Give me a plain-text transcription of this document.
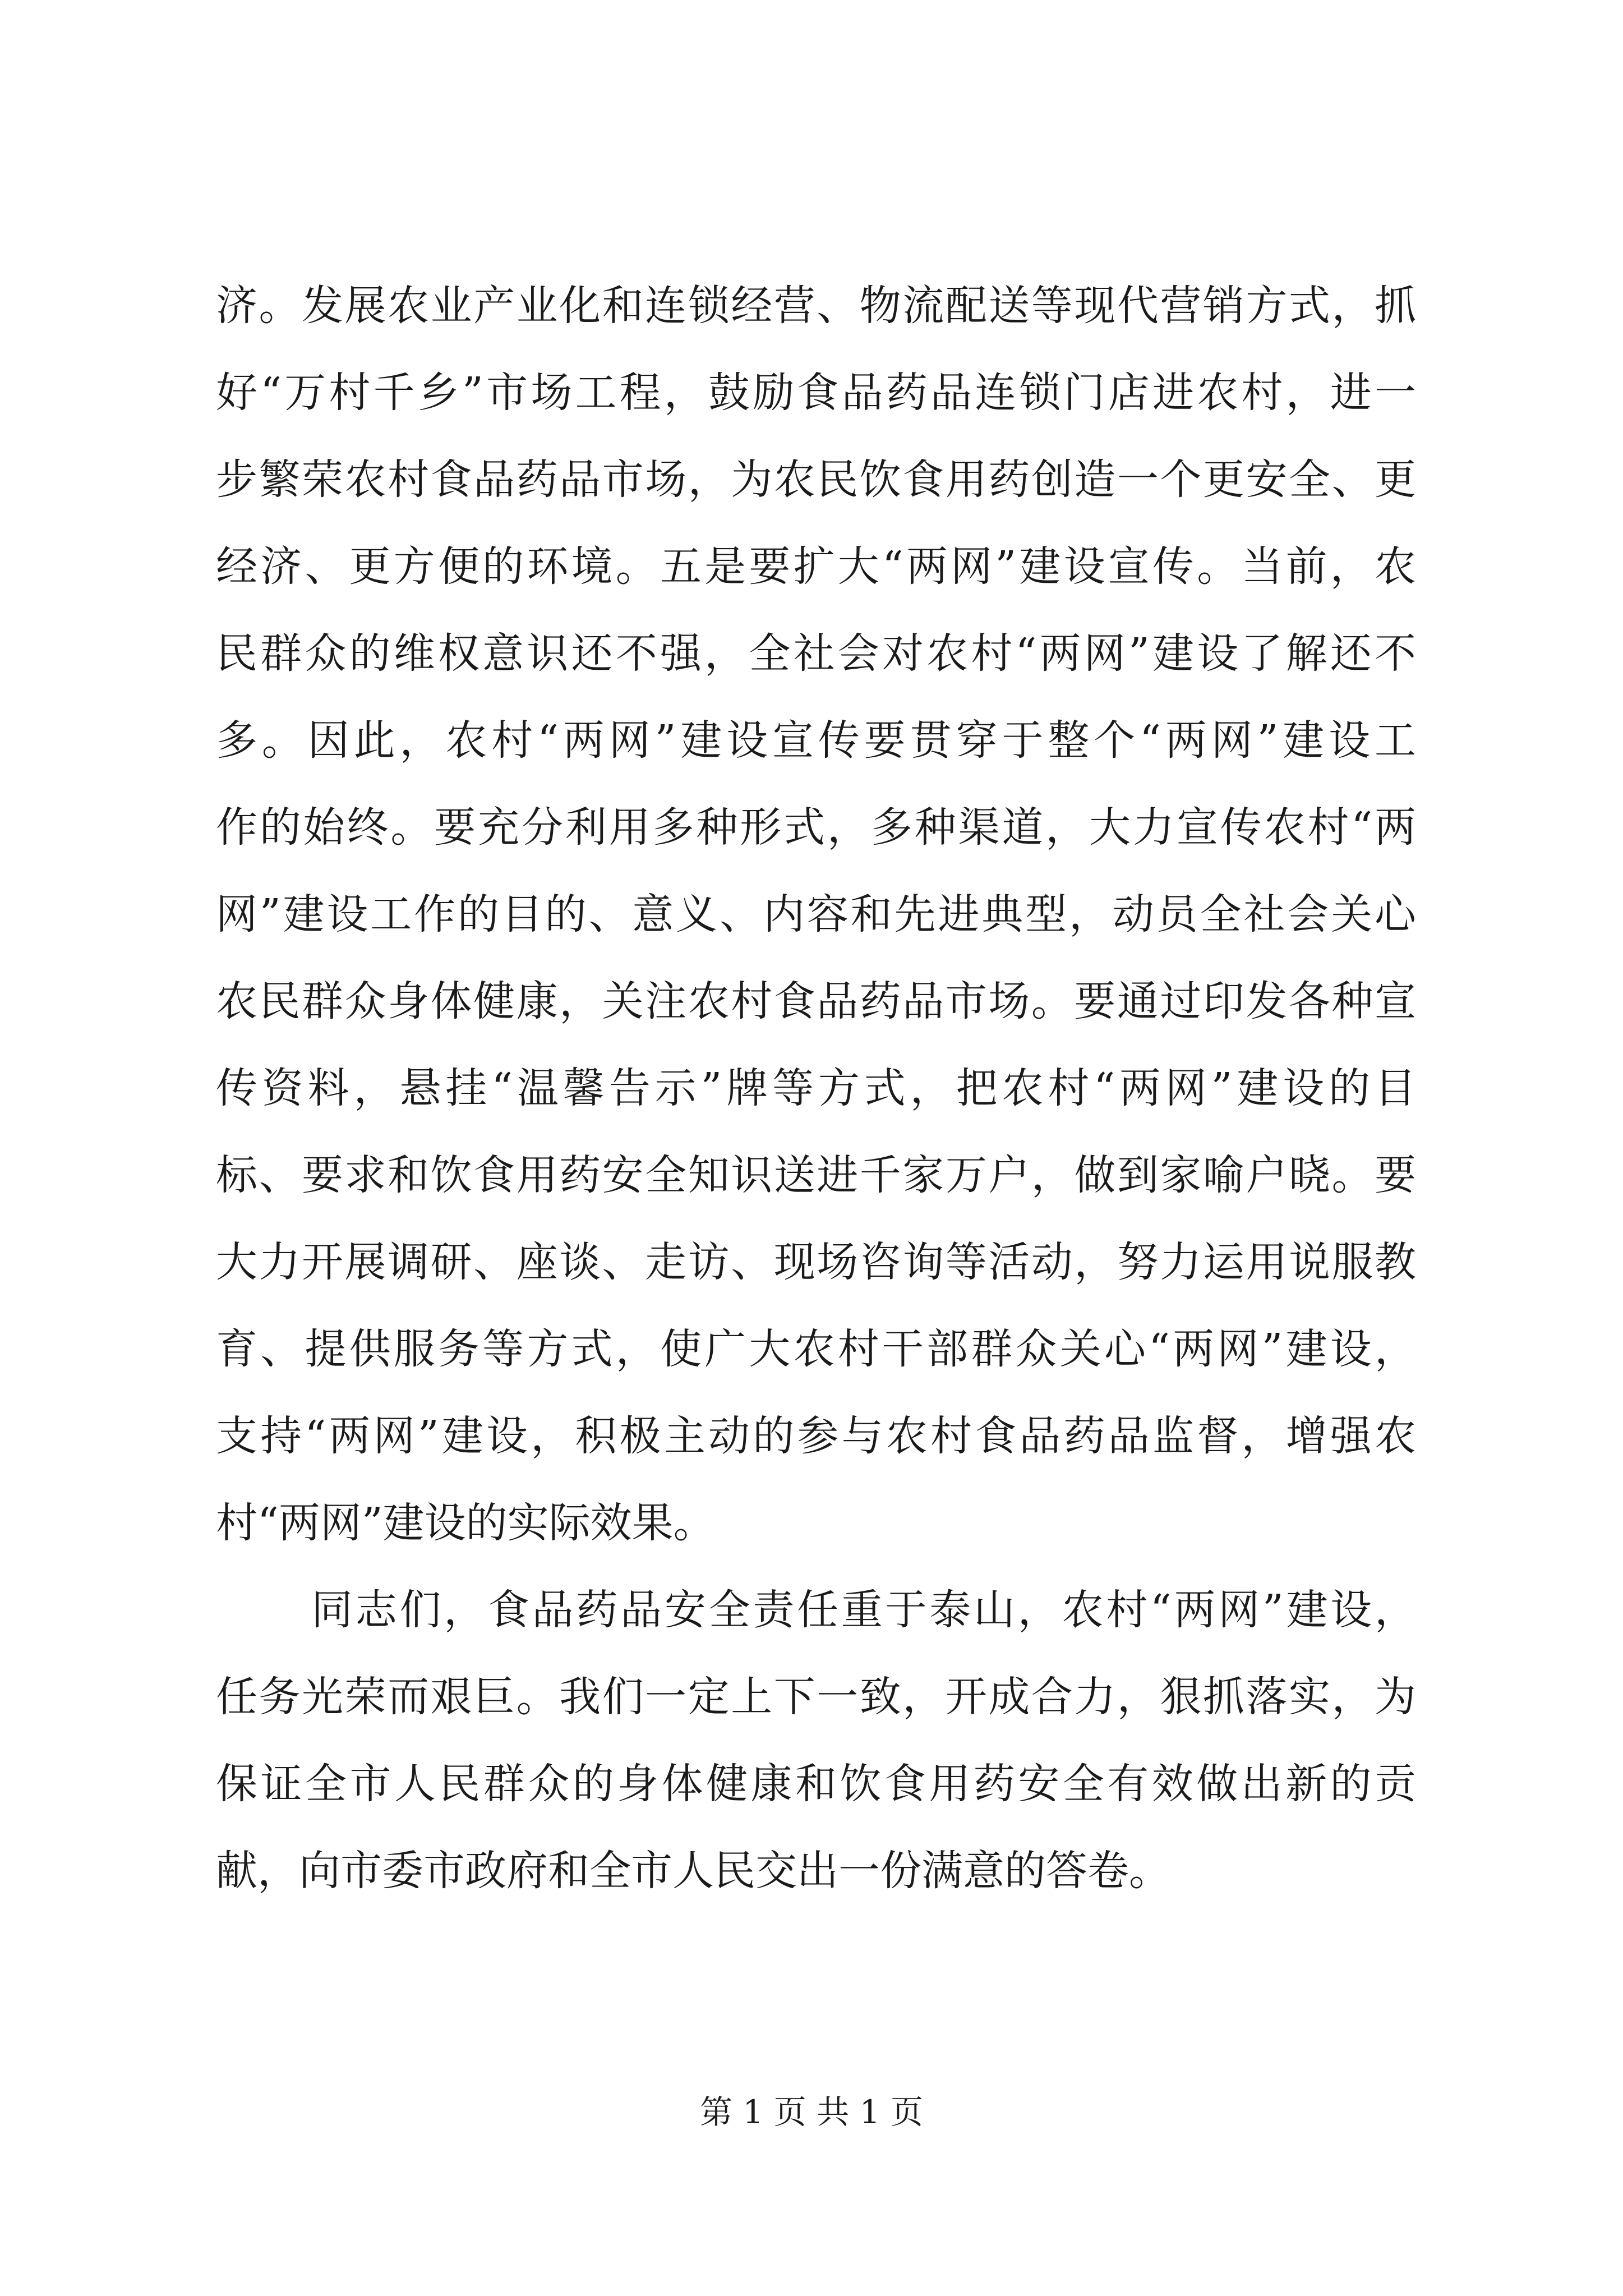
济。发展农业产业化和连锁经营、物流配送等现代营销方式，抓
好“万村千乡”市场工程，鼓励食品药品连锁门店进农村，进一
步繁荣农村食品药品市场，为农民饮食用药创造一个更安全、更
经济、更方便的环境。五是要扩大“两网”建设宣传。当前，农
民群众的维权意识还不强，全社会对农村“两网”建设了解还不
多。因此，农村“两网”建设宣传要贯穿于整个“两网”建设工
作的始终。要充分利用多种形式，多种渠道，大力宣传农村“两
网”建设工作的目的、意义、内容和先进典型，动员全社会关心
农民群众身体健康，关注农村食品药品市场。要通过印发各种宣
传资料，悬挂“温馨告示”牌等方式，把农村“两网”建设的目
标、要求和饮食用药安全知识送进千家万户，做到家喻户晓。要
大力开展调研、座谈、走访、现场咨询等活动，努力运用说服教
育、提供服务等方式，使广大农村干部群众关心“两网”建设，
支持“两网”建设，积极主动的参与农村食品药品监督，增强农
村“两网”建设的实际效果。
同志们，食品药品安全责任重于泰山，农村“两网”建设，
任务光荣而艰巨。我们一定上下一致，开成合力，狠抓落实，为
保证全市人民群众的身体健康和饮食用药安全有效做出新的贡
献，向市委市政府和全市人民交出一份满意的答卷。
第 1 页 共 1 页
